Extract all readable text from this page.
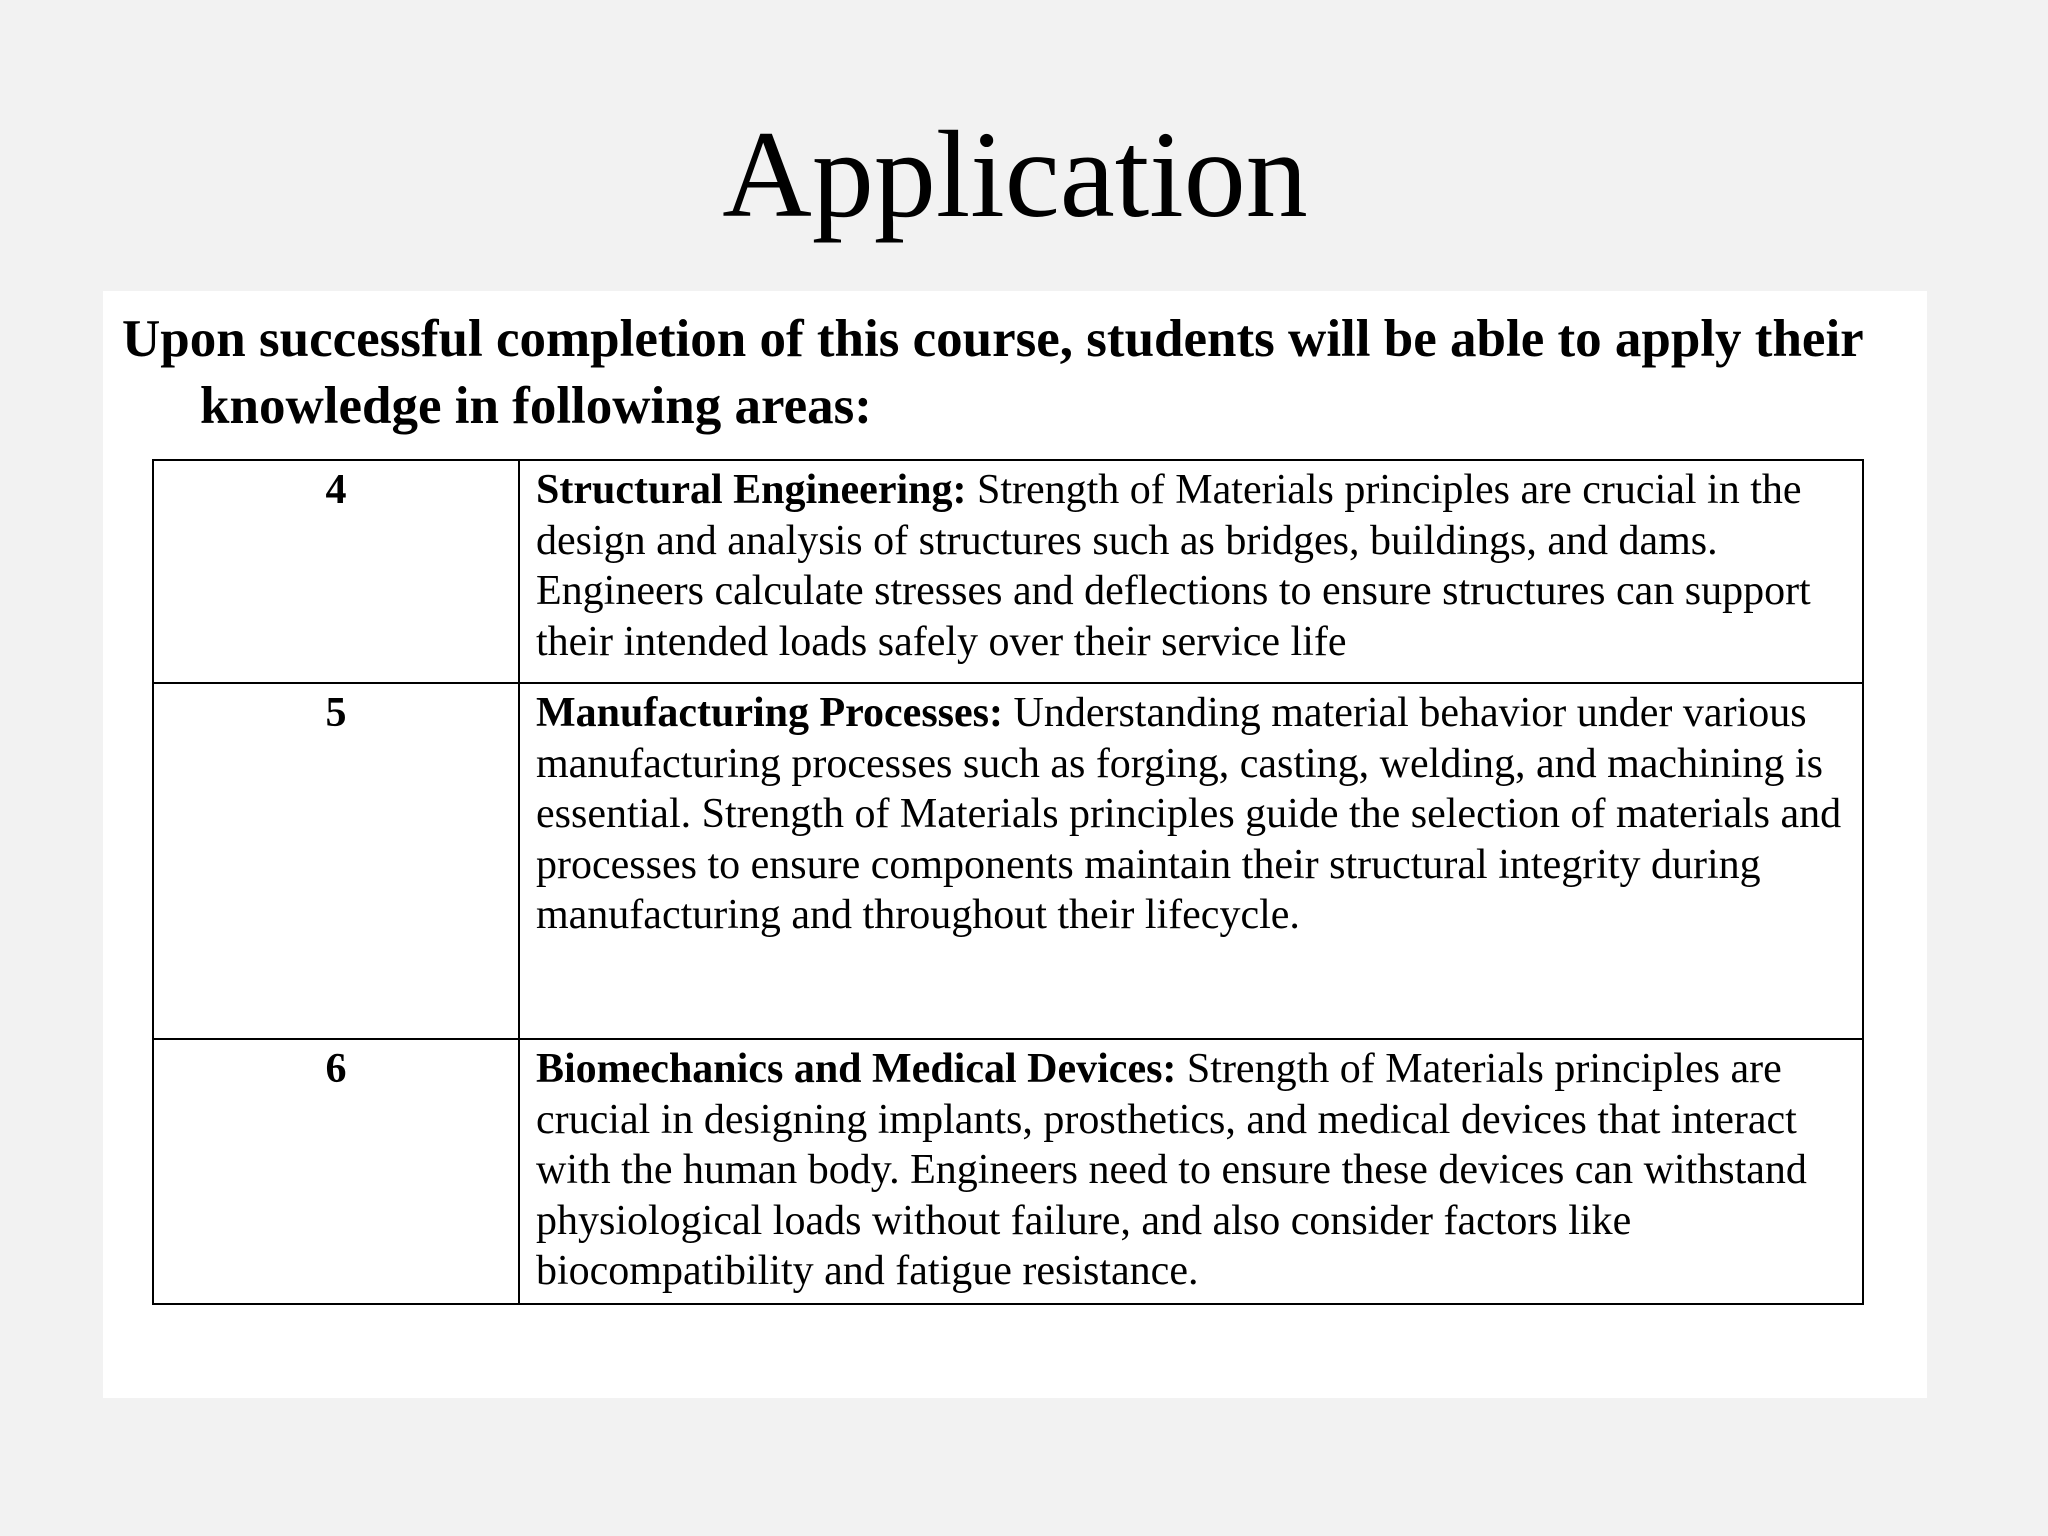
Application

Upon successful completion of this course, students will be able to apply their knowledge in following areas:

4	Structural Engineering: Strength of Materials principles are crucial in the design and analysis of structures such as bridges, buildings, and dams. Engineers calculate stresses and deflections to ensure structures can support their intended loads safely over their service life
5	Manufacturing Processes: Understanding material behavior under various manufacturing processes such as forging, casting, welding, and machining is essential. Strength of Materials principles guide the selection of materials and processes to ensure components maintain their structural integrity during manufacturing and throughout their lifecycle.
6	Biomechanics and Medical Devices: Strength of Materials principles are crucial in designing implants, prosthetics, and medical devices that interact with the human body. Engineers need to ensure these devices can withstand physiological loads without failure, and also consider factors like biocompatibility and fatigue resistance.
